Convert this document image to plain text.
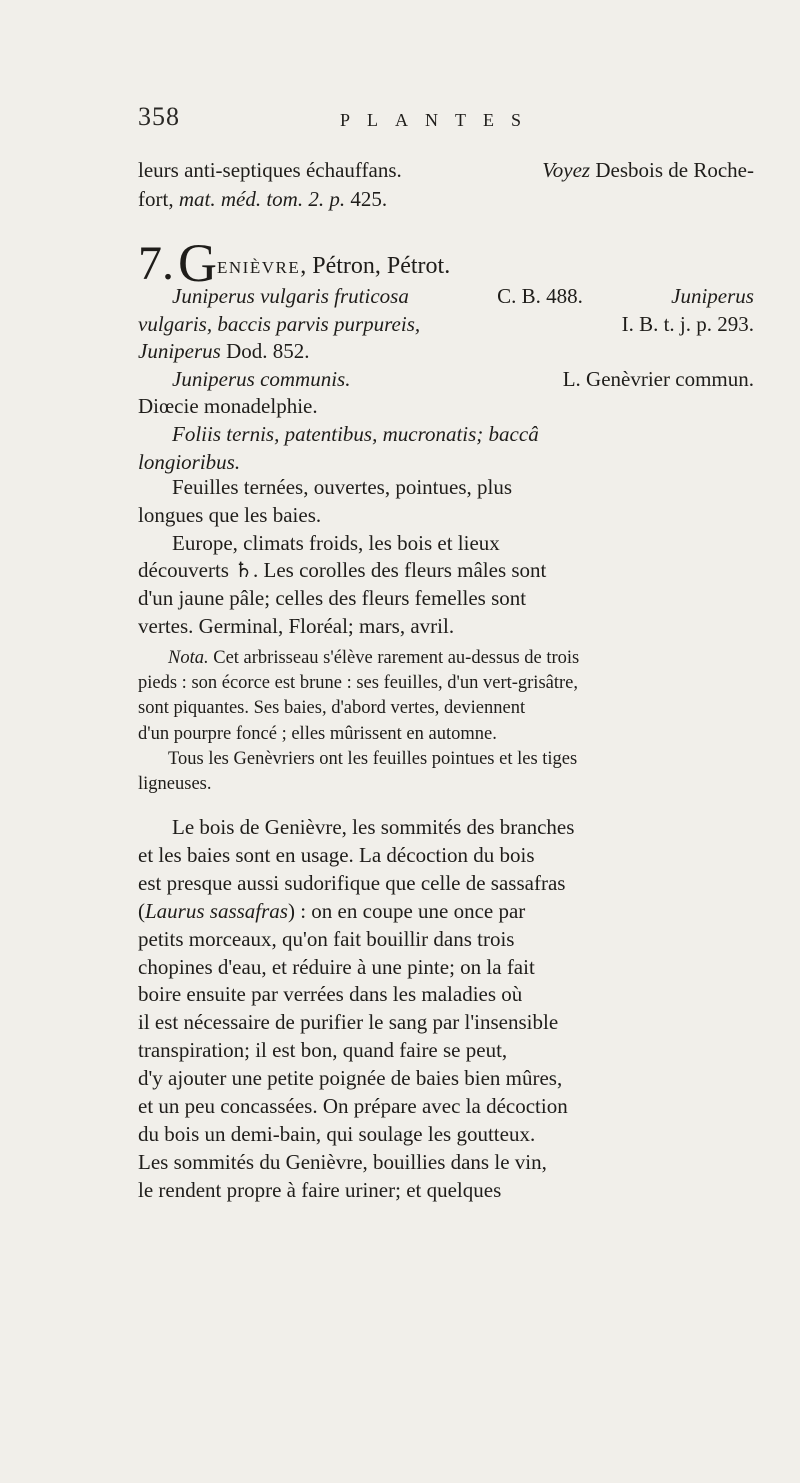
358	PLANTES
leurs anti-septiques échauffans.	Voyez Desbois de Roche-
fort,
mat. méd. tom. 2. p.
425.
7. GENIÈVRE, Pétron, Pétrot.
Juniperus vulgaris fruticosa	C. B. 488.	Juniperus
vulgaris, baccis parvis purpureis,	I. B. t. j. p. 293.
Juniperus
Dod. 852.
Juniperus communis.	L. Genèvrier commun.
Diœcie monadelphie.
Foliis ternis, patentibus, mucronatis; baccâ
longioribus.
Feuilles ternées, ouvertes, pointues, plus
longues que les baies.
Europe, climats froids, les bois et lieux
découverts ♄. Les corolles des fleurs mâles sont
d'un jaune pâle; celles des fleurs femelles sont
vertes. Germinal, Floréal; mars, avril.
Nota. Cet arbrisseau s'élève rarement au-dessus de trois
pieds : son écorce est brune : ses feuilles, d'un vert-grisâtre,
sont piquantes. Ses baies, d'abord vertes, deviennent
d'un pourpre foncé ; elles mûrissent en automne.
Tous les Genèvriers ont les feuilles pointues et les tiges
ligneuses.
Le bois de Genièvre, les sommités des branches
et les baies sont en usage. La décoction du bois
est presque aussi sudorifique que celle de sassafras
(Laurus sassafras) : on en coupe une once par
petits morceaux, qu'on fait bouillir dans trois
chopines d'eau, et réduire à une pinte; on la fait
boire ensuite par verrées dans les maladies où
il est nécessaire de purifier le sang par l'insensible
transpiration; il est bon, quand faire se peut,
d'y ajouter une petite poignée de baies bien mûres,
et un peu concassées. On prépare avec la décoction
du bois un demi-bain, qui soulage les goutteux.
Les sommités du Genièvre, bouillies dans le vin,
le rendent propre à faire uriner; et quelques
